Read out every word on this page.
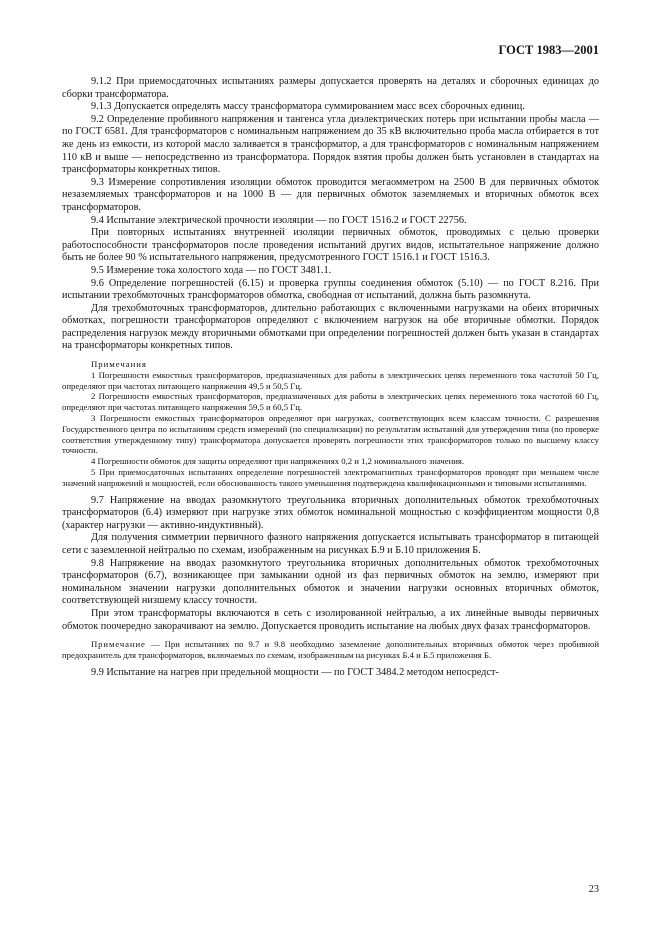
ГОСТ 1983—2001

9.1.2 При приемосдаточных испытаниях размеры допускается проверять на деталях и сборочных единицах до сборки трансформатора.

9.1.3 Допускается определять массу трансформатора суммированием масс всех сборочных единиц.

9.2 Определение пробивного напряжения и тангенса угла диэлектрических потерь при испытании пробы масла — по ГОСТ 6581. Для трансформаторов с номинальным напряжением до 35 кВ включительно проба масла отбирается в тот же день из емкости, из которой масло заливается в трансформатор, а для трансформаторов с номинальным напряжением 110 кВ и выше — непосредственно из трансформатора. Порядок взятия пробы должен быть установлен в стандартах на трансформаторы конкретных типов.

9.3 Измерение сопротивления изоляции обмоток проводится мегаомметром на 2500 В для первичных обмоток незаземляемых трансформаторов и на 1000 В — для первичных обмоток заземляемых и вторичных обмоток всех трансформаторов.

9.4 Испытание электрической прочности изоляции — по ГОСТ 1516.2 и ГОСТ 22756.

При повторных испытаниях внутренней изоляции первичных обмоток, проводимых с целью проверки работоспособности трансформаторов после проведения испытаний других видов, испытательное напряжение должно быть не более 90 % испытательного напряжения, предусмотренного ГОСТ 1516.1 и ГОСТ 1516.3.

9.5 Измерение тока холостого хода — по ГОСТ 3481.1.

9.6 Определение погрешностей (6.15) и проверка группы соединения обмоток (5.10) — по ГОСТ 8.216. При испытании трехобмоточных трансформаторов обмотка, свободная от испытаний, должна быть разомкнута.

Для трехобмоточных трансформаторов, длительно работающих с включенными нагрузками на обеих вторичных обмотках, погрешности трансформаторов определяют с включением нагрузок на обе вторичные обмотки. Порядок распределения нагрузок между вторичными обмотками при определении погрешностей должен быть указан в стандартах на трансформаторы конкретных типов.

Примечания

1 Погрешности емкостных трансформаторов, предназначенных для работы в электрических цепях переменного тока частотой 50 Гц, определяют при частотах питающего напряжения 49,5 и 50,5 Гц.

2 Погрешности емкостных трансформаторов, предназначенных для работы в электрических цепях переменного тока частотой 60 Гц, определяют при частотах питающего напряжения 59,5 и 60,5 Гц.

3 Погрешности емкостных трансформаторов определяют при нагрузках, соответствующих всем классам точности. С разрешения Государственного центра по испытаниям средств измерений (по специализации) по результатам испытаний для утверждения типа (по проверке соответствия утвержденному типу) трансформатора допускается проверять погрешности этих трансформаторов только по высшему классу точности.

4 Погрешности обмоток для защиты определяют при напряжениях 0,2 и 1,2 номинального значения.

5 При приемосдаточных испытаниях определение погрешностей электромагнитных трансформаторов проводят при меньшем числе значений напряжений и мощностей, если обоснованность такого уменьшения подтверждена квалификационными и типовыми испытаниями.

9.7 Напряжение на вводах разомкнутого треугольника вторичных дополнительных обмоток трехобмоточных трансформаторов (6.4) измеряют при нагрузке этих обмоток номинальной мощностью с коэффициентом мощности 0,8 (характер нагрузки — активно-индуктивный).

Для получения симметрии первичного фазного напряжения допускается испытывать трансформатор в питающей сети с заземленной нейтралью по схемам, изображенным на рисунках Б.9 и Б.10 приложения Б.

9.8 Напряжение на вводах разомкнутого треугольника вторичных дополнительных обмоток трехобмоточных трансформаторов (6.7), возникающее при замыкании одной из фаз первичных обмоток на землю, измеряют при номинальном значении нагрузки дополнительных обмоток и значении нагрузки основных вторичных обмоток, соответствующей низшему классу точности.

При этом трансформаторы включаются в сеть с изолированной нейтралью, а их линейные выводы первичных обмоток поочередно закорачивают на землю. Допускается проводить испытание на любых двух фазах трансформаторов.

Примечание — При испытаниях по 9.7 и 9.8 необходимо заземление дополнительных вторичных обмоток через пробивной предохранитель для трансформаторов, включаемых по схемам, изображенным на рисунках Б.4 и Б.5 приложения Б.

9.9 Испытание на нагрев при предельной мощности — по ГОСТ 3484.2 методом непосредст-

23
